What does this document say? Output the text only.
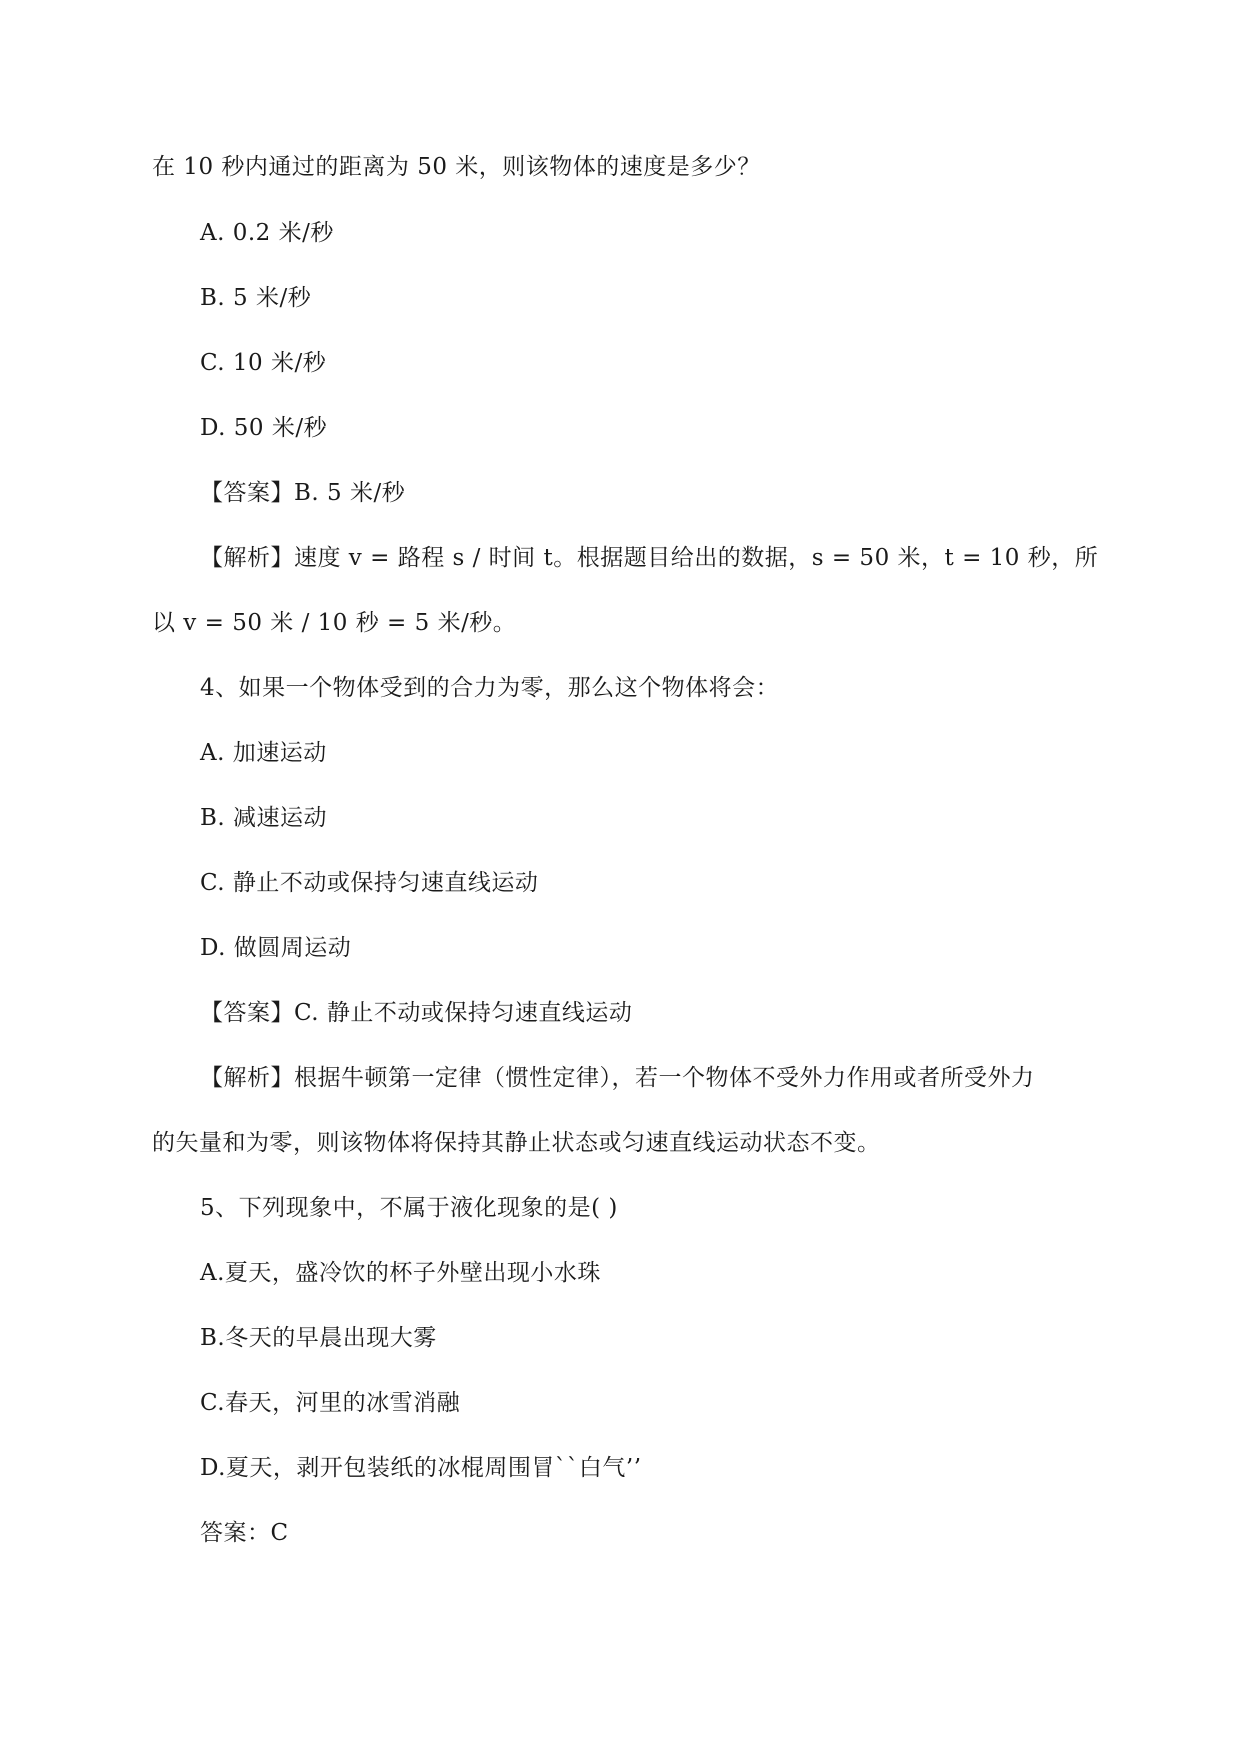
在 10 秒内通过的距离为 50 米，则该物体的速度是多少？
A. 0.2 米/秒
B. 5 米/秒
C. 10 米/秒
D. 50 米/秒
【答案】B. 5 米/秒
【解析】速度 v = 路程 s / 时间 t。根据题目给出的数据，s = 50 米，t = 10 秒，所
以 v = 50 米 / 10 秒 = 5 米/秒。
4、如果一个物体受到的合力为零，那么这个物体将会：
A. 加速运动
B. 减速运动
C. 静止不动或保持匀速直线运动
D. 做圆周运动
【答案】C. 静止不动或保持匀速直线运动
【解析】根据牛顿第一定律（惯性定律），若一个物体不受外力作用或者所受外力
的矢量和为零，则该物体将保持其静止状态或匀速直线运动状态不变。
5、下列现象中，不属于液化现象的是( )
A.夏天，盛冷饮的杯子外壁出现小水珠
B.冬天的早晨出现大雾
C.春天，河里的冰雪消融
D.夏天，剥开包装纸的冰棍周围冒``白气’’
答案：C
